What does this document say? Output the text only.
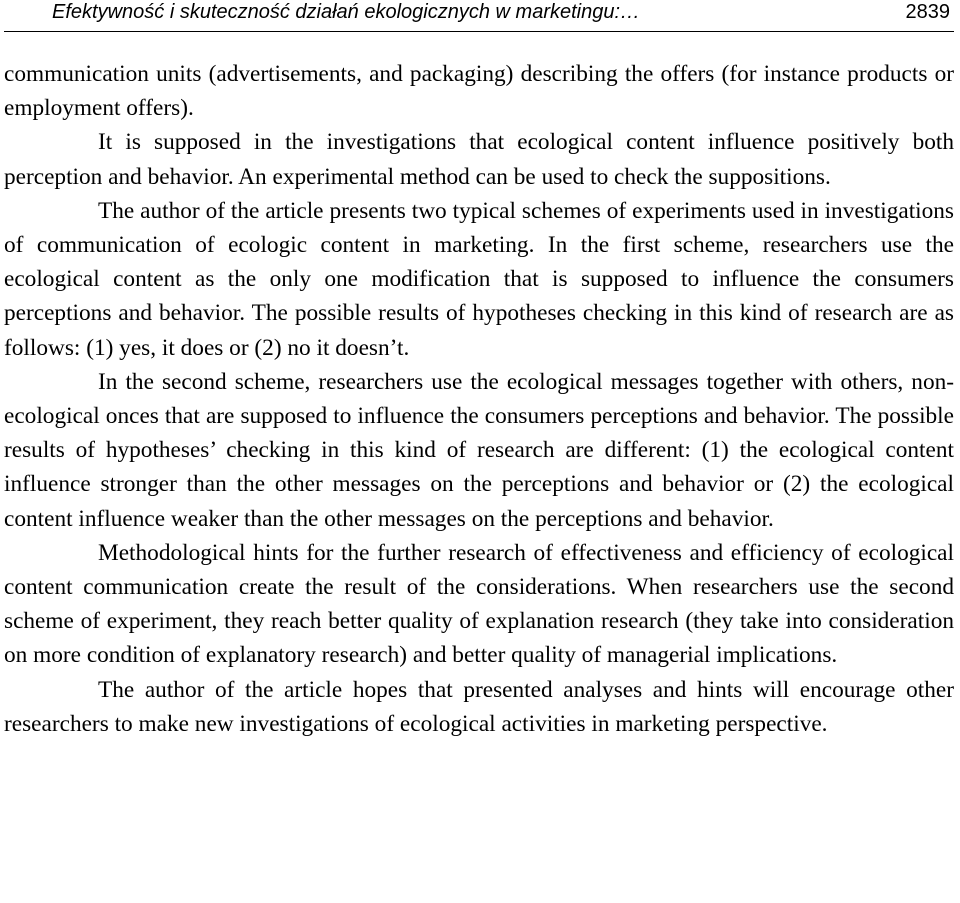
Efektywność i skuteczność działań ekologicznych w marketingu:…	2839

communication units (advertisements, and packaging) describing the offers (for instance products or employment offers).

It is supposed in the investigations that ecological content influence positively both perception and behavior. An experimental method can be used to check the suppositions.

The author of the article presents two typical schemes of experiments used in investigations of communication of ecologic content in marketing. In the first scheme, researchers use the ecological content as the only one modification that is supposed to influence the consumers perceptions and behavior. The possible results of hypotheses checking in this kind of research are as follows: (1) yes, it does or (2) no it doesn’t.

In the second scheme, researchers use the ecological messages together with others, non-ecological onces that are supposed to influence the consumers perceptions and behavior. The possible results of hypotheses’ checking in this kind of research are different: (1) the ecological content influence stronger than the other messages on the perceptions and behavior or (2) the ecological content influence weaker than the other messages on the perceptions and behavior.

Methodological hints for the further research of effectiveness and efficiency of ecological content communication create the result of the considerations. When researchers use the second scheme of experiment, they reach better quality of explanation research (they take into consideration on more condition of explanatory research) and better quality of managerial implications.

The author of the article hopes that presented analyses and hints will encourage other researchers to make new investigations of ecological activities in marketing perspective.
